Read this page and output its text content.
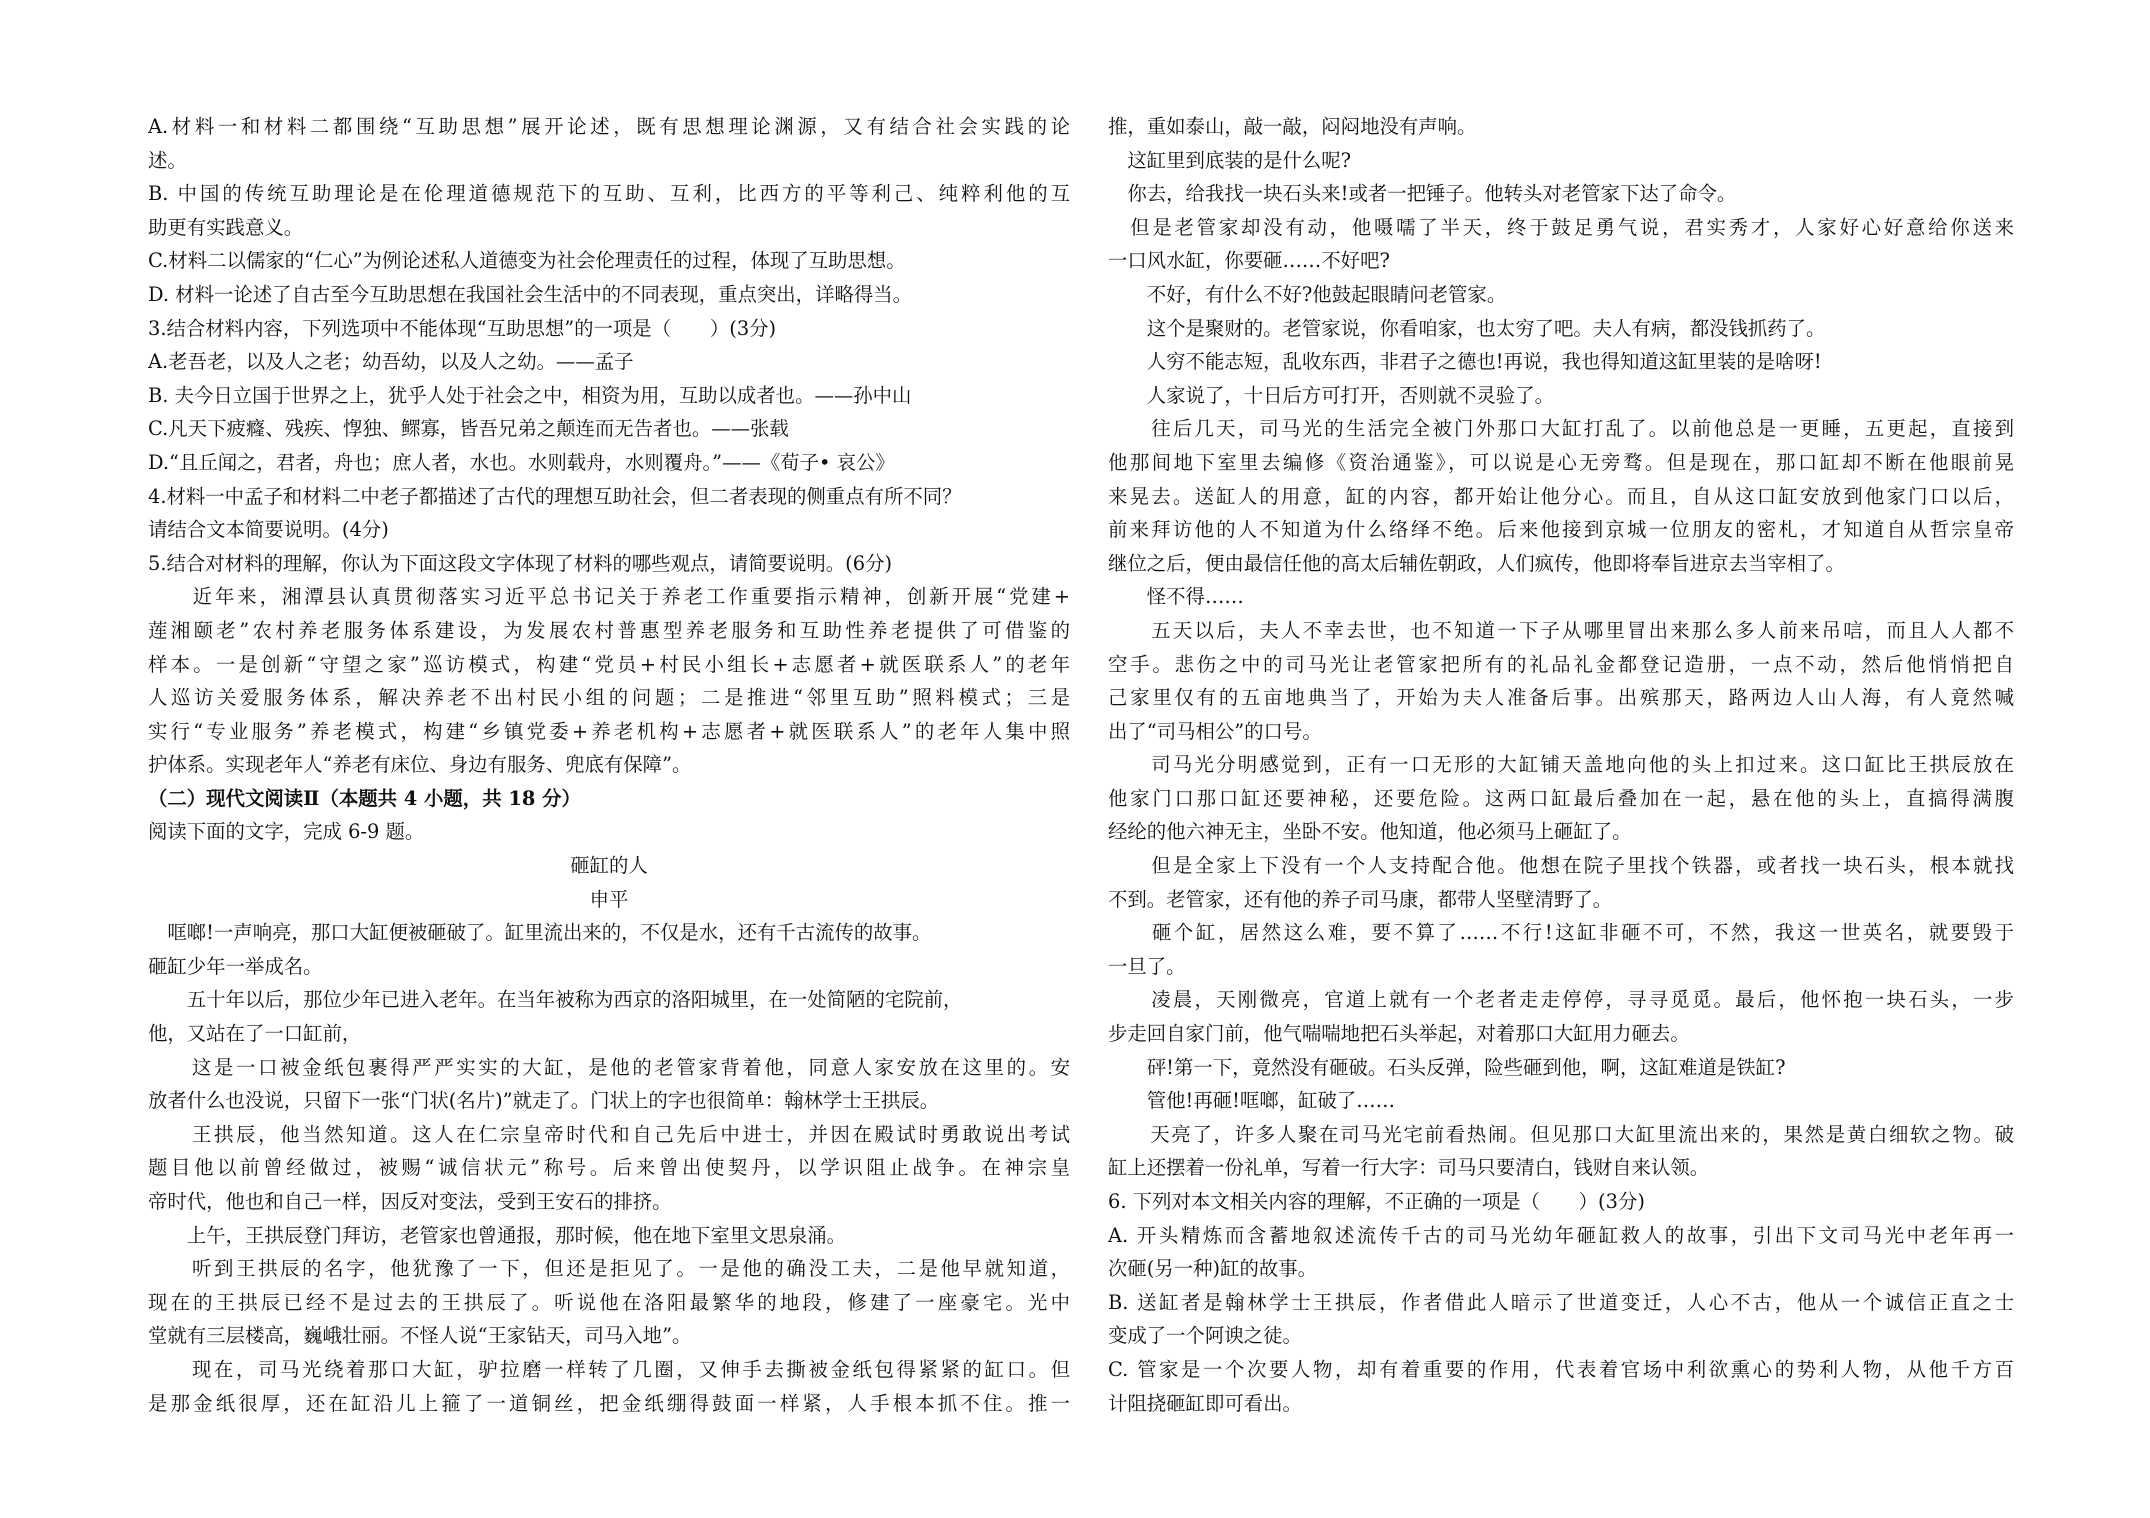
A.材料一和材料二都围绕“互助思想”展开论述，既有思想理论渊源，又有结合社会实践的论
述。
B. 中国的传统互助理论是在伦理道德规范下的互助、互利，比西方的平等利己、纯粹利他的互
助更有实践意义。
C.材料二以儒家的“仁心”为例论述私人道德变为社会伦理责任的过程，体现了互助思想。
D. 材料一论述了自古至今互助思想在我国社会生活中的不同表现，重点突出，详略得当。
3.结合材料内容，下列选项中不能体现“互助思想”的一项是（　　）(3分)
A.老吾老，以及人之老；幼吾幼，以及人之幼。——孟子
B. 夫今日立国于世界之上，犹乎人处于社会之中，相资为用，互助以成者也。——孙中山
C.凡天下疲癃、残疾、惸独、鳏寡，皆吾兄弟之颠连而无告者也。——张载
D.“且丘闻之，君者，舟也；庶人者，水也。水则载舟，水则覆舟。”——《荀子• 哀公》
4.材料一中孟子和材料二中老子都描述了古代的理想互助社会，但二者表现的侧重点有所不同？
请结合文本简要说明。(4分)
5.结合对材料的理解，你认为下面这段文字体现了材料的哪些观点，请简要说明。(6分)
　　近年来，湘潭县认真贯彻落实习近平总书记关于养老工作重要指示精神，创新开展“党建+
莲湘颐老”农村养老服务体系建设，为发展农村普惠型养老服务和互助性养老提供了可借鉴的
样本。一是创新“守望之家”巡访模式，构建“党员+村民小组长+志愿者+就医联系人”的老年
人巡访关爱服务体系，解决养老不出村民小组的问题；二是推进“邻里互助”照料模式；三是
实行“专业服务”养老模式，构建“乡镇党委+养老机构+志愿者+就医联系人”的老年人集中照
护体系。实现老年人“养老有床位、身边有服务、兜底有保障”。
（二）现代文阅读Ⅱ（本题共 4 小题，共 18 分）
阅读下面的文字，完成 6-9 题。
砸缸的人
申平
　哐啷!一声响亮，那口大缸便被砸破了。缸里流出来的，不仅是水，还有千古流传的故事。
砸缸少年一举成名。
　　五十年以后，那位少年已进入老年。在当年被称为西京的洛阳城里，在一处简陋的宅院前，
他，又站在了一口缸前，
　　这是一口被金纸包裹得严严实实的大缸，是他的老管家背着他，同意人家安放在这里的。安
放者什么也没说，只留下一张“门状(名片)”就走了。门状上的字也很简单：翰林学士王拱辰。
　　王拱辰，他当然知道。这人在仁宗皇帝时代和自己先后中进士，并因在殿试时勇敢说出考试
题目他以前曾经做过，被赐“诚信状元”称号。后来曾出使契丹，以学识阻止战争。在神宗皇
帝时代，他也和自己一样，因反对变法，受到王安石的排挤。
　　上午，王拱辰登门拜访，老管家也曾通报，那时候，他在地下室里文思泉涌。
　　听到王拱辰的名字，他犹豫了一下，但还是拒见了。一是他的确没工夫，二是他早就知道，
现在的王拱辰已经不是过去的王拱辰了。听说他在洛阳最繁华的地段，修建了一座豪宅。光中
堂就有三层楼高，巍峨壮丽。不怪人说“王家钻天，司马入地”。
　　现在，司马光绕着那口大缸，驴拉磨一样转了几圈，又伸手去撕被金纸包得紧紧的缸口。但
是那金纸很厚，还在缸沿儿上箍了一道铜丝，把金纸绷得鼓面一样紧，人手根本抓不住。推一
推，重如泰山，敲一敲，闷闷地没有声响。
　这缸里到底装的是什么呢?
　你去，给我找一块石头来!或者一把锤子。他转头对老管家下达了命令。
　但是老管家却没有动，他嗫嚅了半天，终于鼓足勇气说，君实秀才，人家好心好意给你送来
一口风水缸，你要砸……不好吧?
　　不好，有什么不好?他鼓起眼睛问老管家。
　　这个是聚财的。老管家说，你看咱家，也太穷了吧。夫人有病，都没钱抓药了。
　　人穷不能志短，乱收东西，非君子之德也!再说，我也得知道这缸里装的是啥呀!
　　人家说了，十日后方可打开，否则就不灵验了。
　　往后几天，司马光的生活完全被门外那口大缸打乱了。以前他总是一更睡，五更起，直接到
他那间地下室里去编修《资治通鉴》，可以说是心无旁骛。但是现在，那口缸却不断在他眼前晃
来晃去。送缸人的用意，缸的内容，都开始让他分心。而且，自从这口缸安放到他家门口以后，
前来拜访他的人不知道为什么络绎不绝。后来他接到京城一位朋友的密札，才知道自从哲宗皇帝
继位之后，便由最信任他的高太后辅佐朝政，人们疯传，他即将奉旨进京去当宰相了。
　　怪不得……
　　五天以后，夫人不幸去世，也不知道一下子从哪里冒出来那么多人前来吊唁，而且人人都不
空手。悲伤之中的司马光让老管家把所有的礼品礼金都登记造册，一点不动，然后他悄悄把自
己家里仅有的五亩地典当了，开始为夫人准备后事。出殡那天，路两边人山人海，有人竟然喊
出了“司马相公”的口号。
　　司马光分明感觉到，正有一口无形的大缸铺天盖地向他的头上扣过来。这口缸比王拱辰放在
他家门口那口缸还要神秘，还要危险。这两口缸最后叠加在一起，悬在他的头上，直搞得满腹
经纶的他六神无主，坐卧不安。他知道，他必须马上砸缸了。
　　但是全家上下没有一个人支持配合他。他想在院子里找个铁器，或者找一块石头，根本就找
不到。老管家，还有他的养子司马康，都带人坚壁清野了。
　　砸个缸，居然这么难，要不算了……不行!这缸非砸不可，不然，我这一世英名，就要毁于
一旦了。
　　凌晨，天刚微亮，官道上就有一个老者走走停停，寻寻觅觅。最后，他怀抱一块石头，一步
步走回自家门前，他气喘喘地把石头举起，对着那口大缸用力砸去。
　　砰!第一下，竟然没有砸破。石头反弹，险些砸到他，啊，这缸难道是铁缸?
　　管他!再砸!哐啷，缸破了……
　　天亮了，许多人聚在司马光宅前看热闹。但见那口大缸里流出来的，果然是黄白细软之物。破
缸上还摆着一份礼单，写着一行大字：司马只要清白，钱财自来认领。
6. 下列对本文相关内容的理解，不正确的一项是（　　）(3分)
A. 开头精炼而含蓄地叙述流传千古的司马光幼年砸缸救人的故事，引出下文司马光中老年再一
次砸(另一种)缸的故事。
B. 送缸者是翰林学士王拱辰，作者借此人暗示了世道变迁，人心不古，他从一个诚信正直之士
变成了一个阿谀之徒。
C. 管家是一个次要人物，却有着重要的作用，代表着官场中利欲熏心的势利人物，从他千方百
计阻挠砸缸即可看出。
